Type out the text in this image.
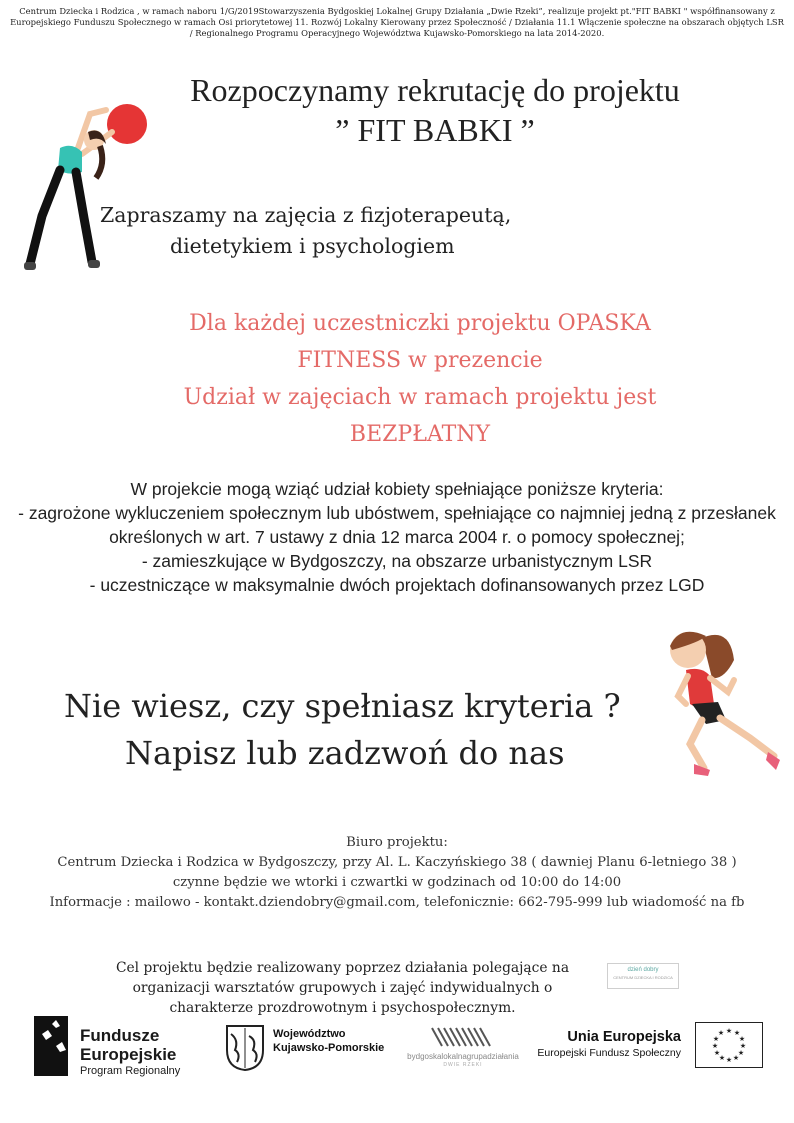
Centrum Dziecka i Rodzica , w ramach naboru 1/G/2019Stowarzyszenia Bydgoskiej Lokalnej Grupy Działania „Dwie Rzeki”, realizuje projekt pt."FIT BABKI " współfinansowany z Europejskiego Funduszu Społecznego w ramach Osi priorytetowej 11. Rozwój Lokalny Kierowany przez Społeczność / Działania 11.1 Włączenie społeczne na obszarach objętych LSR / Regionalnego Programu Operacyjnego Województwa Kujawsko-Pomorskiego na lata 2014-2020.
Rozpoczynamy rekrutację do projektu
” FIT BABKI ”
Zapraszamy na zajęcia z fizjoterapeutą,
dietetykiem i psychologiem
Dla każdej uczestniczki projektu OPASKA
FITNESS w prezencie
Udział w zajęciach w ramach projektu jest
BEZPŁATNY
W projekcie mogą wziąć udział kobiety spełniające poniższe kryteria:
- zagrożone wykluczeniem społecznym lub ubóstwem, spełniające co najmniej jedną z przesłanek
określonych w art. 7 ustawy z dnia 12 marca 2004 r. o pomocy społecznej;
- zamieszkujące w Bydgoszczy, na obszarze urbanistycznym LSR
- uczestniczące w maksymalnie dwóch projektach dofinansowanych przez LGD
Nie wiesz, czy spełniasz kryteria ?
Napisz lub zadzwoń do nas
Biuro projektu:
Centrum Dziecka i Rodzica w Bydgoszczy, przy Al. L. Kaczyńskiego 38 ( dawniej Planu 6-letniego 38 )
czynne będzie we wtorki i czwartki w godzinach od 10:00 do 14:00
Informacje : mailowo - kontakt.dziendobry@gmail.com, telefonicznie: 662-795-999 lub wiadomość na fb
Cel projektu będzie realizowany poprzez działania polegające na
organizacji warsztatów grupowych i zajęć indywidualnych o
charakterze prozdrowotnym i psychospołecznym.
dzień dobry
CENTRUM DZIECKA I RODZICA
Fundusze
Europejskie
Program Regionalny
Województwo
Kujawsko-Pomorskie
bydgoskalokalnagrupadziałania
DWIE RZEKI
Unia Europejska
Europejski Fundusz Społeczny
★ ★
★
★
★
★
★
★
★
★
★
★
